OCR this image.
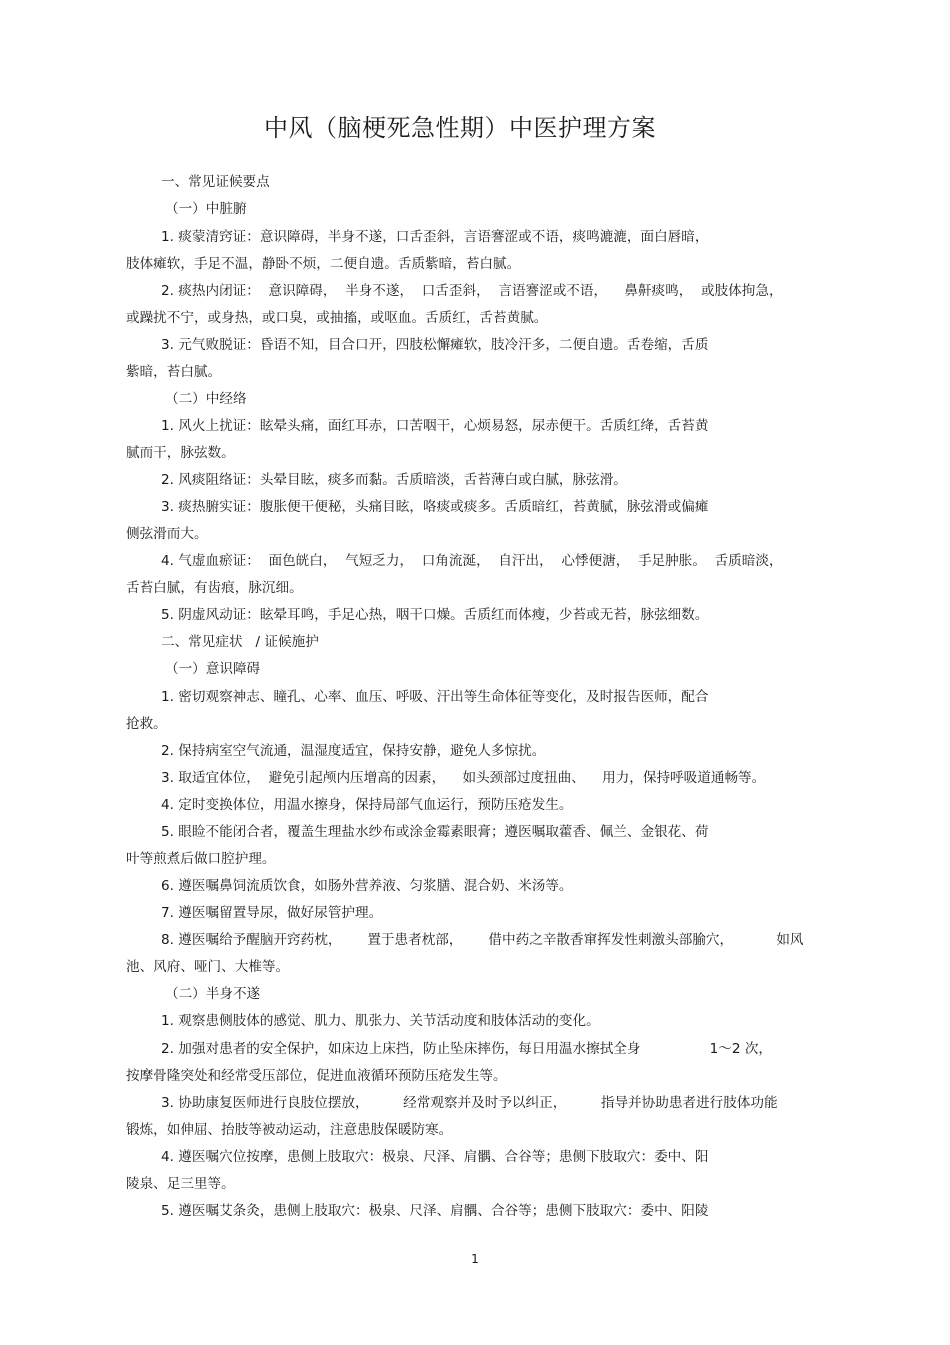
中风（脑梗死急性期）中医护理方案
一、常见证候要点
（一）中脏腑
1. 痰蒙清窍证：意识障碍，半身不遂，口舌歪斜，言语謇涩或不语，痰鸣漉漉，面白唇暗，
肢体瘫软，手足不温，静卧不烦，二便自遗。舌质紫暗，苔白腻。
2. 痰热内闭证：  意识障碍，  半身不遂，  口舌歪斜，  言语謇涩或不语，    鼻鼾痰鸣，  或肢体拘急，
或躁扰不宁，或身热，或口臭，或抽搐，或呕血。舌质红，舌苔黄腻。
3. 元气败脱证：昏语不知，目合口开，四肢松懈瘫软，肢冷汗多，二便自遗。舌卷缩，舌质
紫暗，苔白腻。
（二）中经络
1. 风火上扰证：眩晕头痛，面红耳赤，口苦咽干，心烦易怒，尿赤便干。舌质红绛，舌苔黄
腻而干，脉弦数。
2. 风痰阻络证：头晕目眩，痰多而黏。舌质暗淡，舌苔薄白或白腻，脉弦滑。
3. 痰热腑实证：腹胀便干便秘，头痛目眩，咯痰或痰多。舌质暗红，苔黄腻，脉弦滑或偏瘫
侧弦滑而大。
4. 气虚血瘀证：  面色㿠白，  气短乏力，  口角流涎，  自汗出，  心悸便溏，  手足肿胀。  舌质暗淡，
舌苔白腻，有齿痕，脉沉细。
5. 阴虚风动证：眩晕耳鸣，手足心热，咽干口燥。舌质红而体瘦，少苔或无苔，脉弦细数。
二、常见症状   / 证候施护
（一）意识障碍
1. 密切观察神志、瞳孔、心率、血压、呼吸、汗出等生命体征等变化，及时报告医师，配合
抢救。
2. 保持病室空气流通，温湿度适宜，保持安静，避免人多惊扰。
3. 取适宜体位，  避免引起颅内压增高的因素，    如头颈部过度扭曲、    用力，保持呼吸道通畅等。
4. 定时变换体位，用温水擦身，保持局部气血运行，预防压疮发生。
5. 眼睑不能闭合者，覆盖生理盐水纱布或涂金霉素眼膏；遵医嘱取藿香、佩兰、金银花、荷
叶等煎煮后做口腔护理。
6. 遵医嘱鼻饲流质饮食，如肠外营养液、匀浆膳、混合奶、米汤等。
7. 遵医嘱留置导尿，做好尿管护理。
8. 遵医嘱给予醒脑开窍药枕，      置于患者枕部，      借中药之辛散香窜挥发性刺激头部腧穴，          如风
池、风府、哑门、大椎等。
（二）半身不遂
1. 观察患侧肢体的感觉、肌力、肌张力、关节活动度和肢体活动的变化。
2. 加强对患者的安全保护，如床边上床挡，防止坠床摔伤，每日用温水擦拭全身                1～2 次，
按摩骨隆突处和经常受压部位，促进血液循环预防压疮发生等。
3. 协助康复医师进行良肢位摆放，        经常观察并及时予以纠正，        指导并协助患者进行肢体功能
锻炼，如伸屈、抬肢等被动运动，注意患肢保暖防寒。
4. 遵医嘱穴位按摩，患侧上肢取穴：极泉、尺泽、肩髃、合谷等；患侧下肢取穴：委中、阳
陵泉、足三里等。
5. 遵医嘱艾条灸，患侧上肢取穴：极泉、尺泽、肩髃、合谷等；患侧下肢取穴：委中、阳陵
1
